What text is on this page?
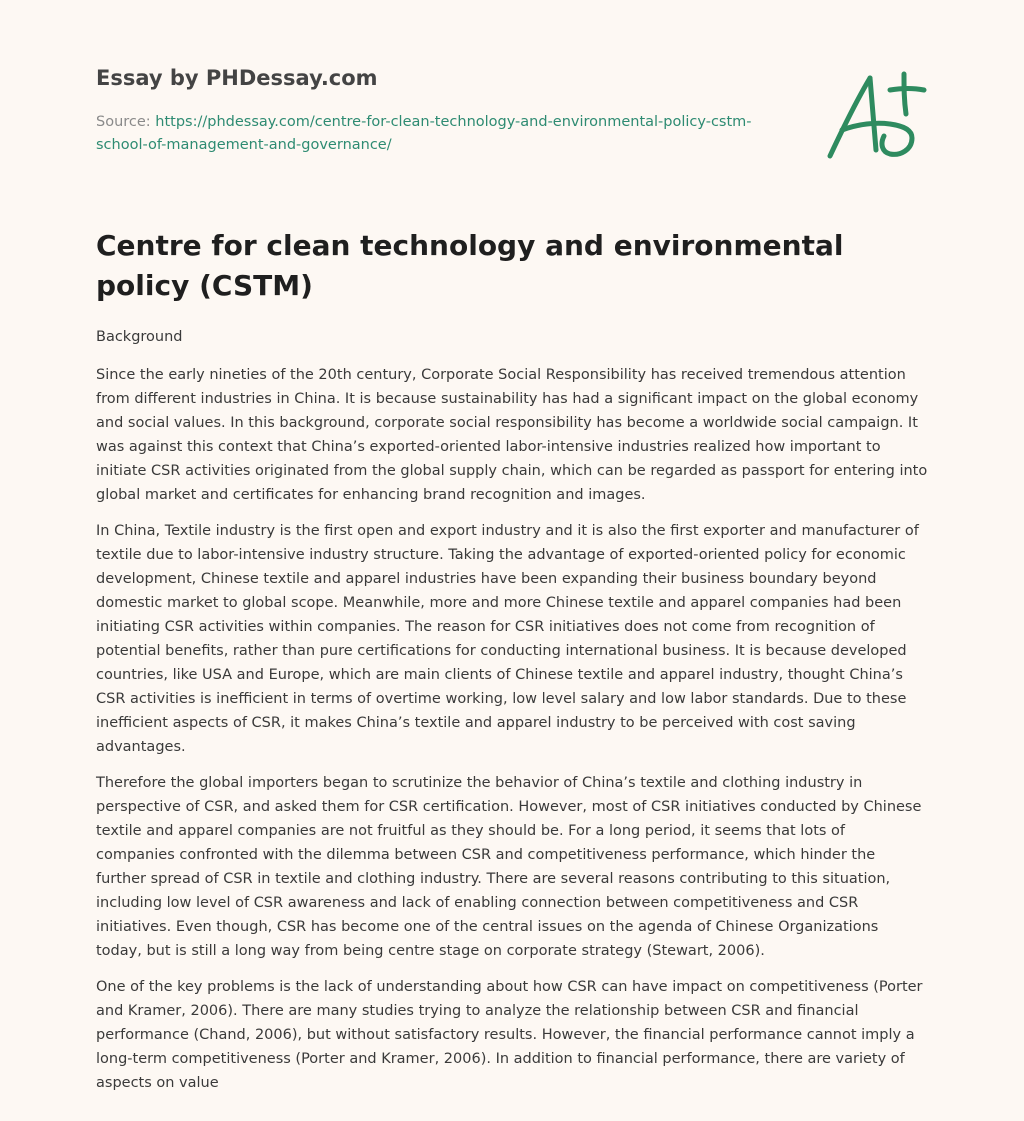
Essay by PHDessay.com
Source: https://phdessay.com/centre-for-clean-technology-and-environmental-policy-cstm-school-of-management-and-governance/
Centre for clean technology and environmental policy (CSTM)

Background

Since the early nineties of the 20th century, Corporate Social Responsibility has received tremendous attention from different industries in China. It is because sustainability has had a significant impact on the global economy and social values. In this background, corporate social responsibility has become a worldwide social campaign. It was against this context that China’s exported-oriented labor-intensive industries realized how important to initiate CSR activities originated from the global supply chain, which can be regarded as passport for entering into global market and certificates for enhancing brand recognition and images.

In China, Textile industry is the first open and export industry and it is also the first exporter and manufacturer of textile due to labor-intensive industry structure. Taking the advantage of exported-oriented policy for economic development, Chinese textile and apparel industries have been expanding their business boundary beyond domestic market to global scope. Meanwhile, more and more Chinese textile and apparel companies had been initiating CSR activities within companies. The reason for CSR initiatives does not come from recognition of potential benefits, rather than pure certifications for conducting international business. It is because developed countries, like USA and Europe, which are main clients of Chinese textile and apparel industry, thought China’s CSR activities is inefficient in terms of overtime working, low level salary and low labor standards. Due to these inefficient aspects of CSR, it makes China’s textile and apparel industry to be perceived with cost saving advantages.

Therefore the global importers began to scrutinize the behavior of China’s textile and clothing industry in perspective of CSR, and asked them for CSR certification. However, most of CSR initiatives conducted by Chinese textile and apparel companies are not fruitful as they should be. For a long period, it seems that lots of companies confronted with the dilemma between CSR and competitiveness performance, which hinder the further spread of CSR in textile and clothing industry. There are several reasons contributing to this situation, including low level of CSR awareness and lack of enabling connection between competitiveness and CSR initiatives. Even though, CSR has become one of the central issues on the agenda of Chinese Organizations today, but is still a long way from being centre stage on corporate strategy (Stewart, 2006).

One of the key problems is the lack of understanding about how CSR can have impact on competitiveness (Porter and Kramer, 2006). There are many studies trying to analyze the relationship between CSR and financial performance (Chand, 2006), but without satisfactory results. However, the financial performance cannot imply a long-term competitiveness (Porter and Kramer, 2006). In addition to financial performance, there are variety of aspects on value
